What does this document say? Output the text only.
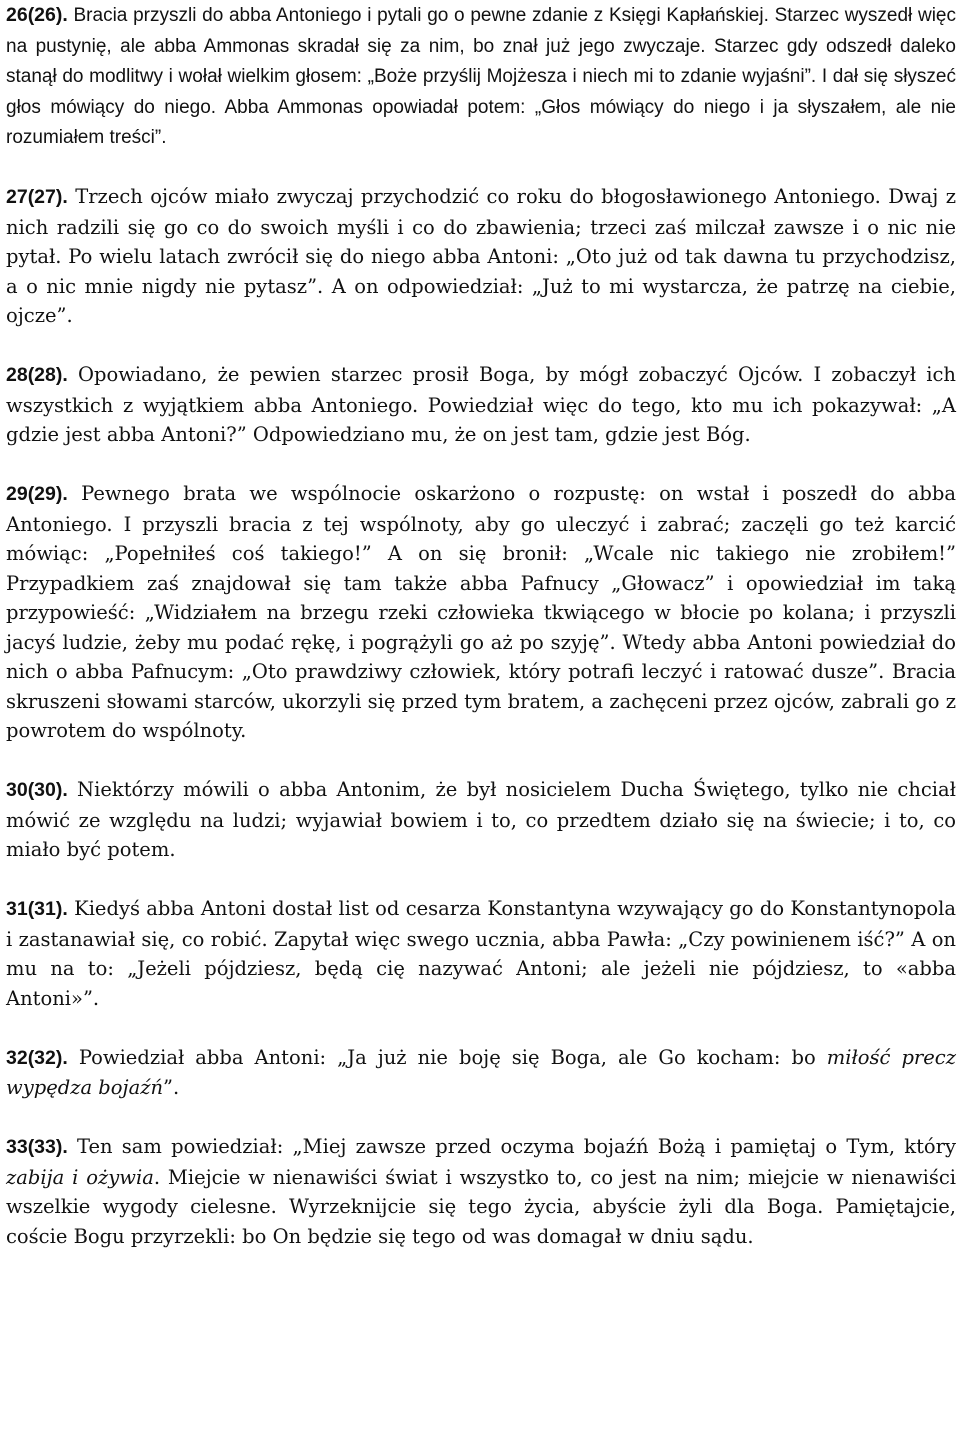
26(26). Bracia przyszli do abba Antoniego i pytali go o pewne zdanie z Księgi Kapłańskiej. Starzec wyszedł więc na pustynię, ale abba Ammonas skradał się za nim, bo znał już jego zwyczaje. Starzec gdy odszedł daleko stanął do modlitwy i wołał wielkim głosem: „Boże przyślij Mojżesza i niech mi to zdanie wyjaśni”. I dał się słyszeć głos mówiący do niego. Abba Ammonas opowiadał potem: „Głos mówiący do niego i ja słyszałem, ale nie rozumiałem treści”.

27(27). Trzech ojców miało zwyczaj przychodzić co roku do błogosławionego Antoniego. Dwaj z nich radzili się go co do swoich myśli i co do zbawienia; trzeci zaś milczał zawsze i o nic nie pytał. Po wielu latach zwrócił się do niego abba Antoni: „Oto już od tak dawna tu przychodzisz, a o nic mnie nigdy nie pytasz”. A on odpowiedział: „Już to mi wystarcza, że patrzę na ciebie, ojcze”.

28(28). Opowiadano, że pewien starzec prosił Boga, by mógł zobaczyć Ojców. I zobaczył ich wszystkich z wyjątkiem abba Antoniego. Powiedział więc do tego, kto mu ich pokazywał: „A gdzie jest abba Antoni?” Odpowiedziano mu, że on jest tam, gdzie jest Bóg.

29(29). Pewnego brata we wspólnocie oskarżono o rozpustę: on wstał i poszedł do abba Antoniego. I przyszli bracia z tej wspólnoty, aby go uleczyć i zabrać; zaczęli go też karcić mówiąc: „Popełniłeś coś takiego!” A on się bronił: „Wcale nic takiego nie zrobiłem!” Przypadkiem zaś znajdował się tam także abba Pafnucy „Głowacz” i opowiedział im taką przypowieść: „Widziałem na brzegu rzeki człowieka tkwiącego w błocie po kolana; i przyszli jacyś ludzie, żeby mu podać rękę, i pogrążyli go aż po szyję”. Wtedy abba Antoni powiedział do nich o abba Pafnucym: „Oto prawdziwy człowiek, który potrafi leczyć i ratować dusze”. Bracia skruszeni słowami starców, ukorzyli się przed tym bratem, a zachęceni przez ojców, zabrali go z powrotem do wspólnoty.

30(30). Niektórzy mówili o abba Antonim, że był nosicielem Ducha Świętego, tylko nie chciał mówić ze względu na ludzi; wyjawiał bowiem i to, co przedtem działo się na świecie; i to, co miało być potem.

31(31). Kiedyś abba Antoni dostał list od cesarza Konstantyna wzywający go do Konstantynopola i zastanawiał się, co robić. Zapytał więc swego ucznia, abba Pawła: „Czy powinienem iść?” A on mu na to: „Jeżeli pójdziesz, będą cię nazywać Antoni; ale jeżeli nie pójdziesz, to «abba Antoni»”.

32(32). Powiedział abba Antoni: „Ja już nie boję się Boga, ale Go kocham: bo miłość precz wypędza bojaźń”.

33(33). Ten sam powiedział: „Miej zawsze przed oczyma bojaźń Bożą i pamiętaj o Tym, który zabija i ożywia. Miejcie w nienawiści świat i wszystko to, co jest na nim; miejcie w nienawiści wszelkie wygody cielesne. Wyrzeknijcie się tego życia, abyście żyli dla Boga. Pamiętajcie, coście Bogu przyrzekli: bo On będzie się tego od was domagał w dniu sądu.
